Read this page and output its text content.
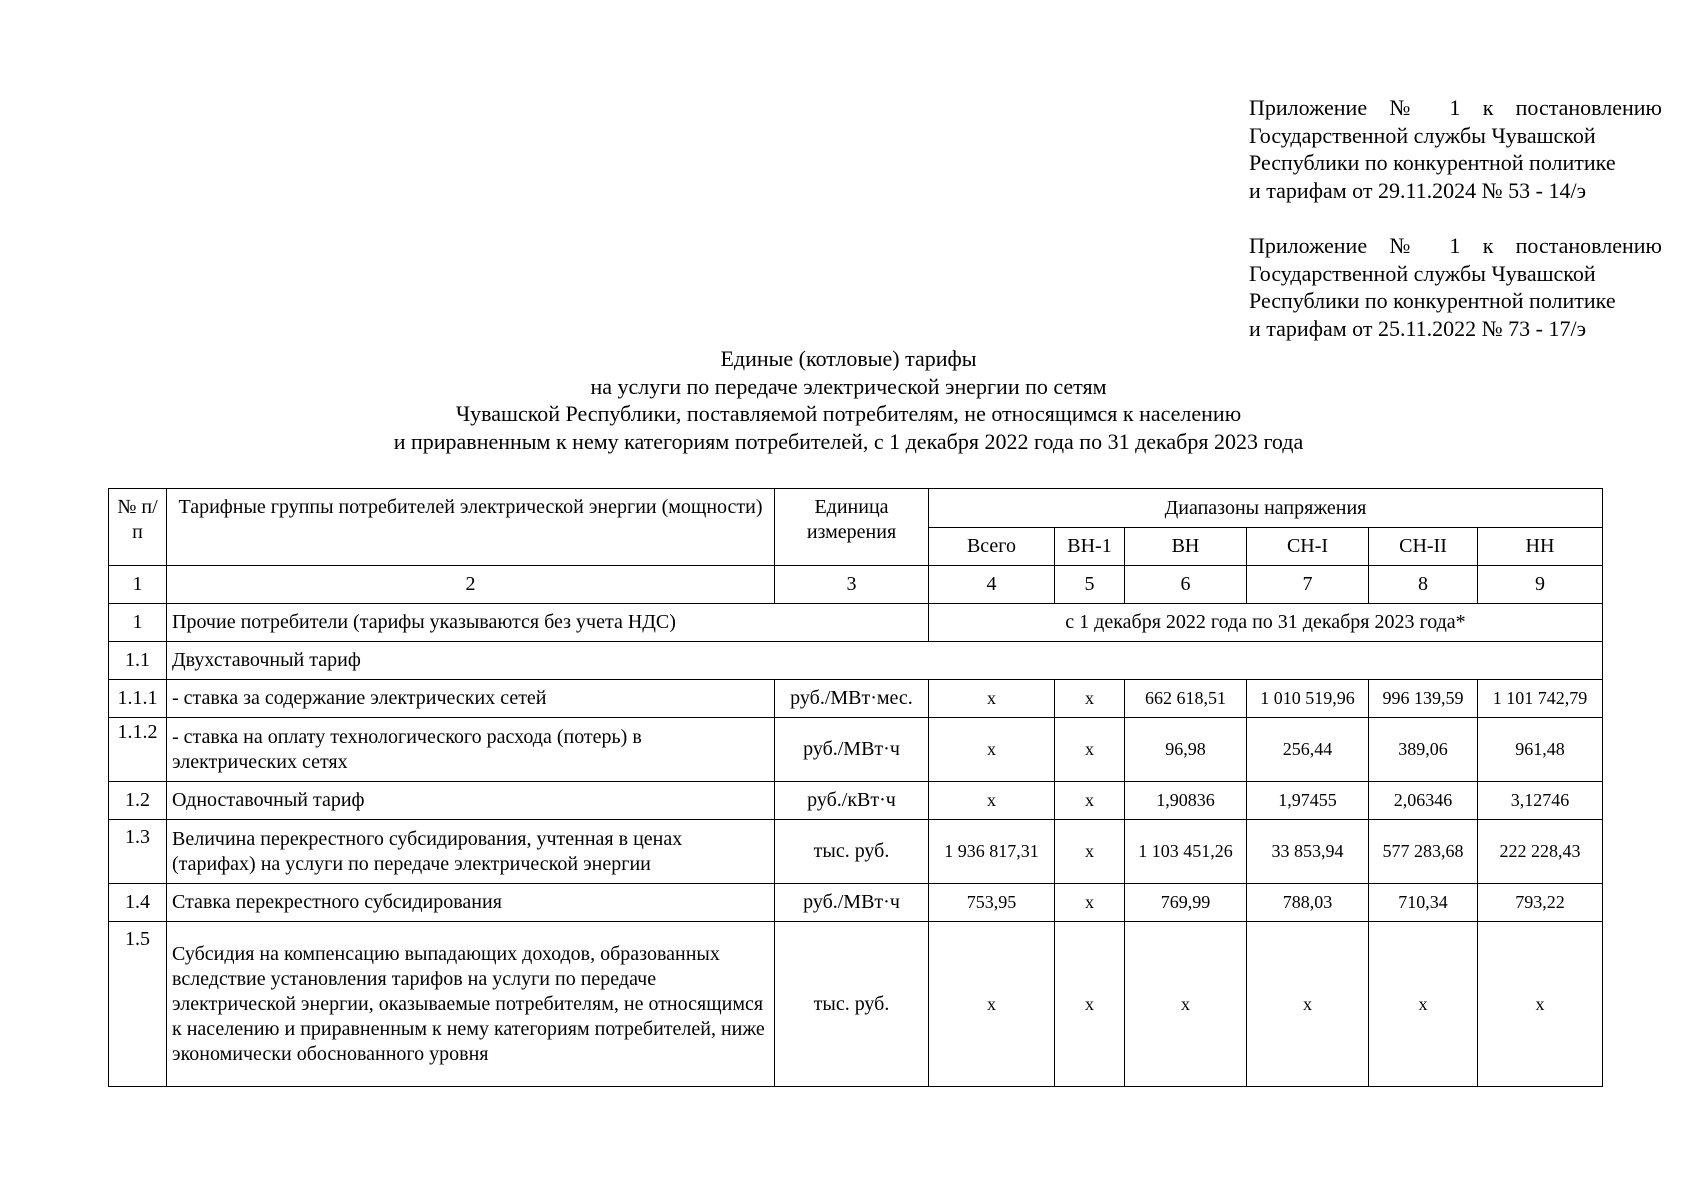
Приложение № 1 к постановлению
Государственной службы Чувашской
Республики по конкурентной политике
и тарифам от 29.11.2024 № 53 - 14/э
Приложение № 1 к постановлению
Государственной службы Чувашской
Республики по конкурентной политике
и тарифам от 25.11.2022 № 73 - 17/э
Единые (котловые) тарифы
на услуги по передаче электрической энергии по сетям
Чувашской Республики, поставляемой потребителям, не относящимся к населению
и приравненным к нему категориям потребителей, с 1 декабря 2022 года по 31 декабря 2023 года
№ п/п	Тарифные группы потребителей электрической энергии (мощности)	Единица измерения	Диапазоны напряжения					
			Всего	ВН-1	ВН	СН-I	СН-II	НН
1	2	3	4	5	6	7	8	9
1	Прочие потребители (тарифы указываются без учета НДС)		с 1 декабря 2022 года по 31 декабря 2023 года*					
1.1	Двухставочный тариф							
1.1.1	- ставка за содержание электрических сетей	руб./МВт·мес.	х	х	662 618,51	1 010 519,96	996 139,59	1 101 742,79
1.1.2	- ставка на оплату технологического расхода (потерь) в электрических сетях	руб./МВт·ч	х	х	96,98	256,44	389,06	961,48
1.2	Одноставочный тариф	руб./кВт·ч	х	х	1,90836	1,97455	2,06346	3,12746
1.3	Величина перекрестного субсидирования, учтенная в ценах (тарифах) на услуги по передаче электрической энергии	тыс. руб.	1 936 817,31	х	1 103 451,26	33 853,94	577 283,68	222 228,43
1.4	Ставка перекрестного субсидирования	руб./МВт·ч	753,95	х	769,99	788,03	710,34	793,22
1.5	Субсидия на компенсацию выпадающих доходов, образованных вследствие установления тарифов на услуги по передаче электрической энергии, оказываемые потребителям, не относящимся к населению и приравненным к нему категориям потребителей, ниже экономически обоснованного уровня	тыс. руб.	х	х	х	х	х	х
